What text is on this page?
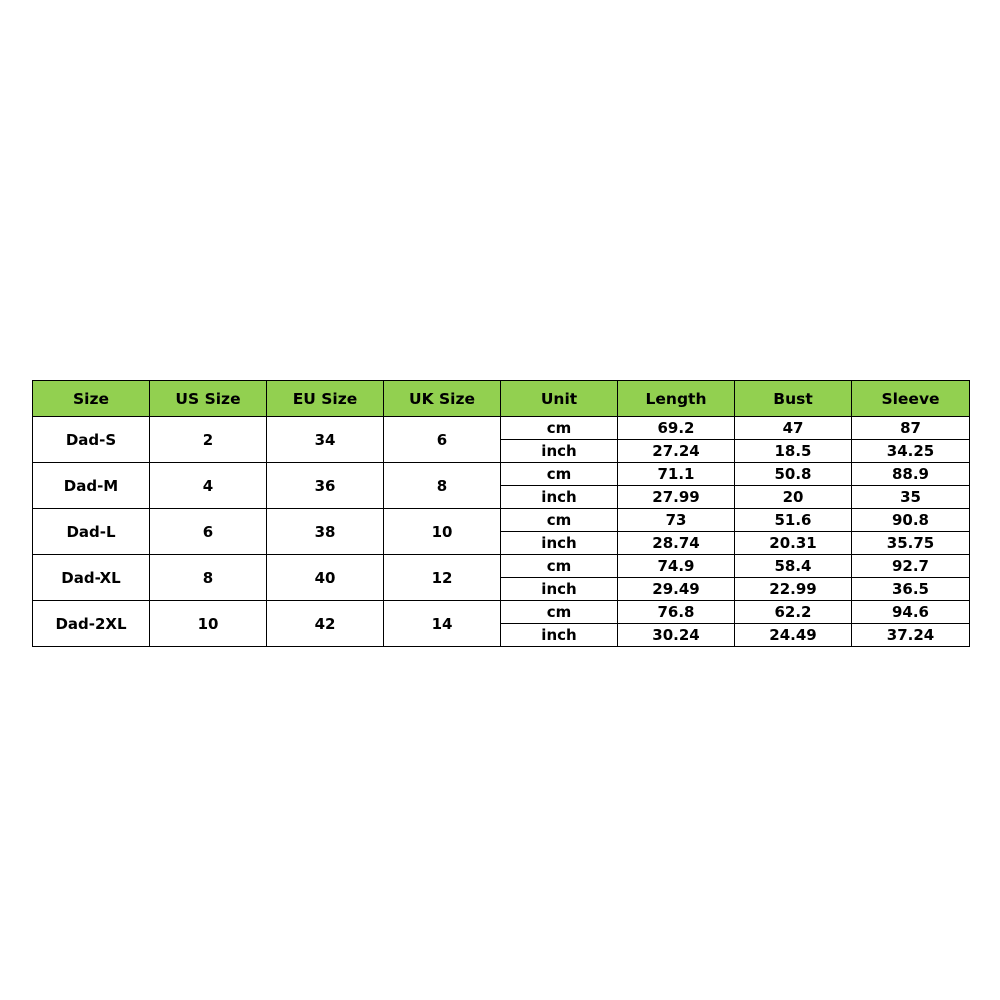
Size	US Size	EU Size	UK Size	Unit	Length	Bust	Sleeve
Dad-S	2	34	6	cm	69.2	47	87
				inch	27.24	18.5	34.25
Dad-M	4	36	8	cm	71.1	50.8	88.9
				inch	27.99	20	35
Dad-L	6	38	10	cm	73	51.6	90.8
				inch	28.74	20.31	35.75
Dad-XL	8	40	12	cm	74.9	58.4	92.7
				inch	29.49	22.99	36.5
Dad-2XL	10	42	14	cm	76.8	62.2	94.6
				inch	30.24	24.49	37.24
